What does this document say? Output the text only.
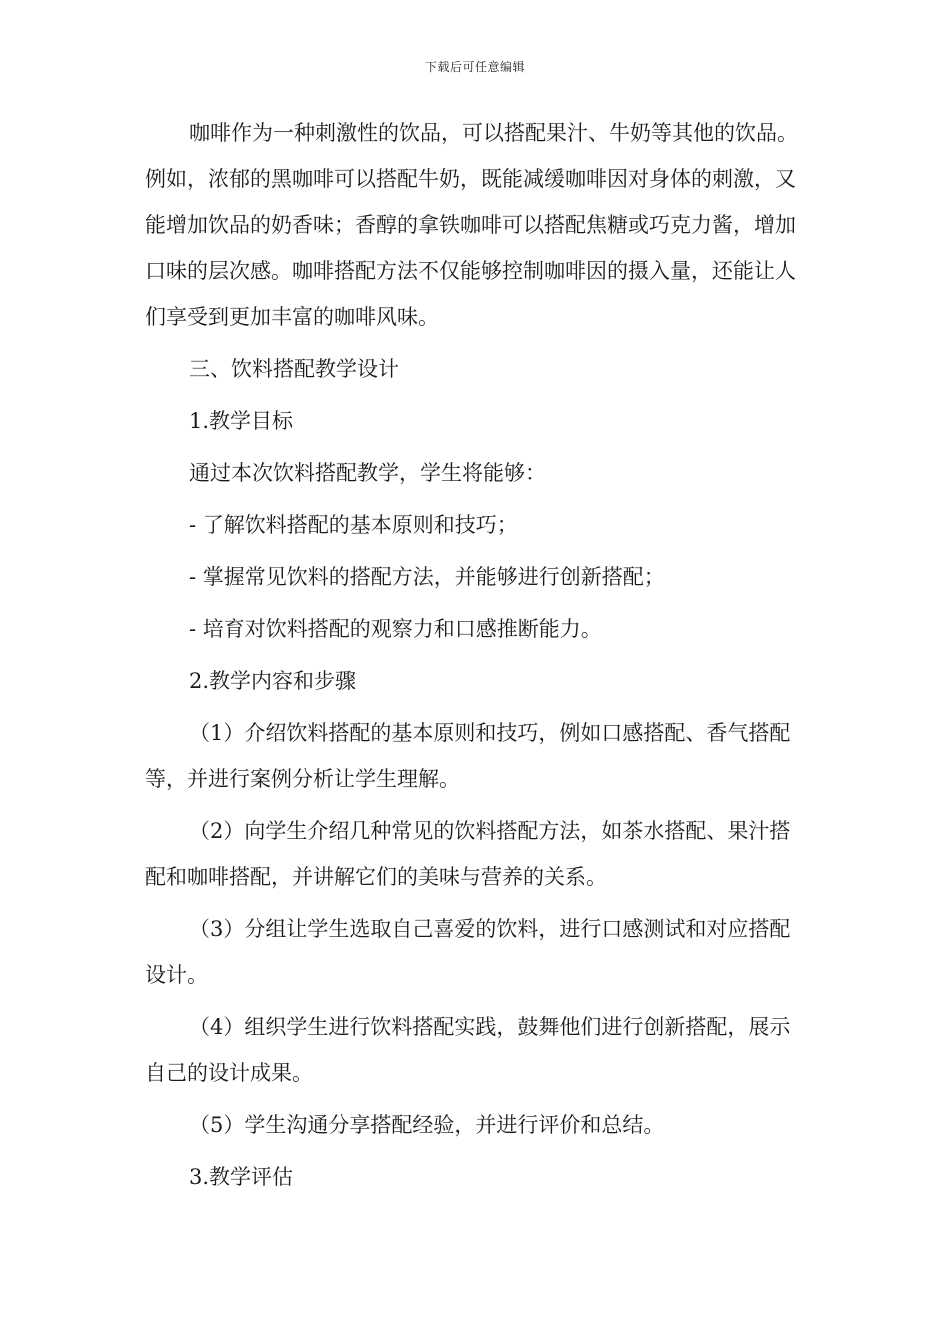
下载后可任意编辑

咖啡作为一种刺激性的饮品，可以搭配果汁、牛奶等其他的饮品。例如，浓郁的黑咖啡可以搭配牛奶，既能减缓咖啡因对身体的刺激，又能增加饮品的奶香味；香醇的拿铁咖啡可以搭配焦糖或巧克力酱，增加口味的层次感。咖啡搭配方法不仅能够控制咖啡因的摄入量，还能让人们享受到更加丰富的咖啡风味。

三、饮料搭配教学设计

1.教学目标

通过本次饮料搭配教学，学生将能够：

- 了解饮料搭配的基本原则和技巧；

- 掌握常见饮料的搭配方法，并能够进行创新搭配；

- 培育对饮料搭配的观察力和口感推断能力。

2.教学内容和步骤

（1）介绍饮料搭配的基本原则和技巧，例如口感搭配、香气搭配等，并进行案例分析让学生理解。

（2）向学生介绍几种常见的饮料搭配方法，如茶水搭配、果汁搭配和咖啡搭配，并讲解它们的美味与营养的关系。

（3）分组让学生选取自己喜爱的饮料，进行口感测试和对应搭配设计。

（4）组织学生进行饮料搭配实践，鼓舞他们进行创新搭配，展示自己的设计成果。

（5）学生沟通分享搭配经验，并进行评价和总结。

3.教学评估
